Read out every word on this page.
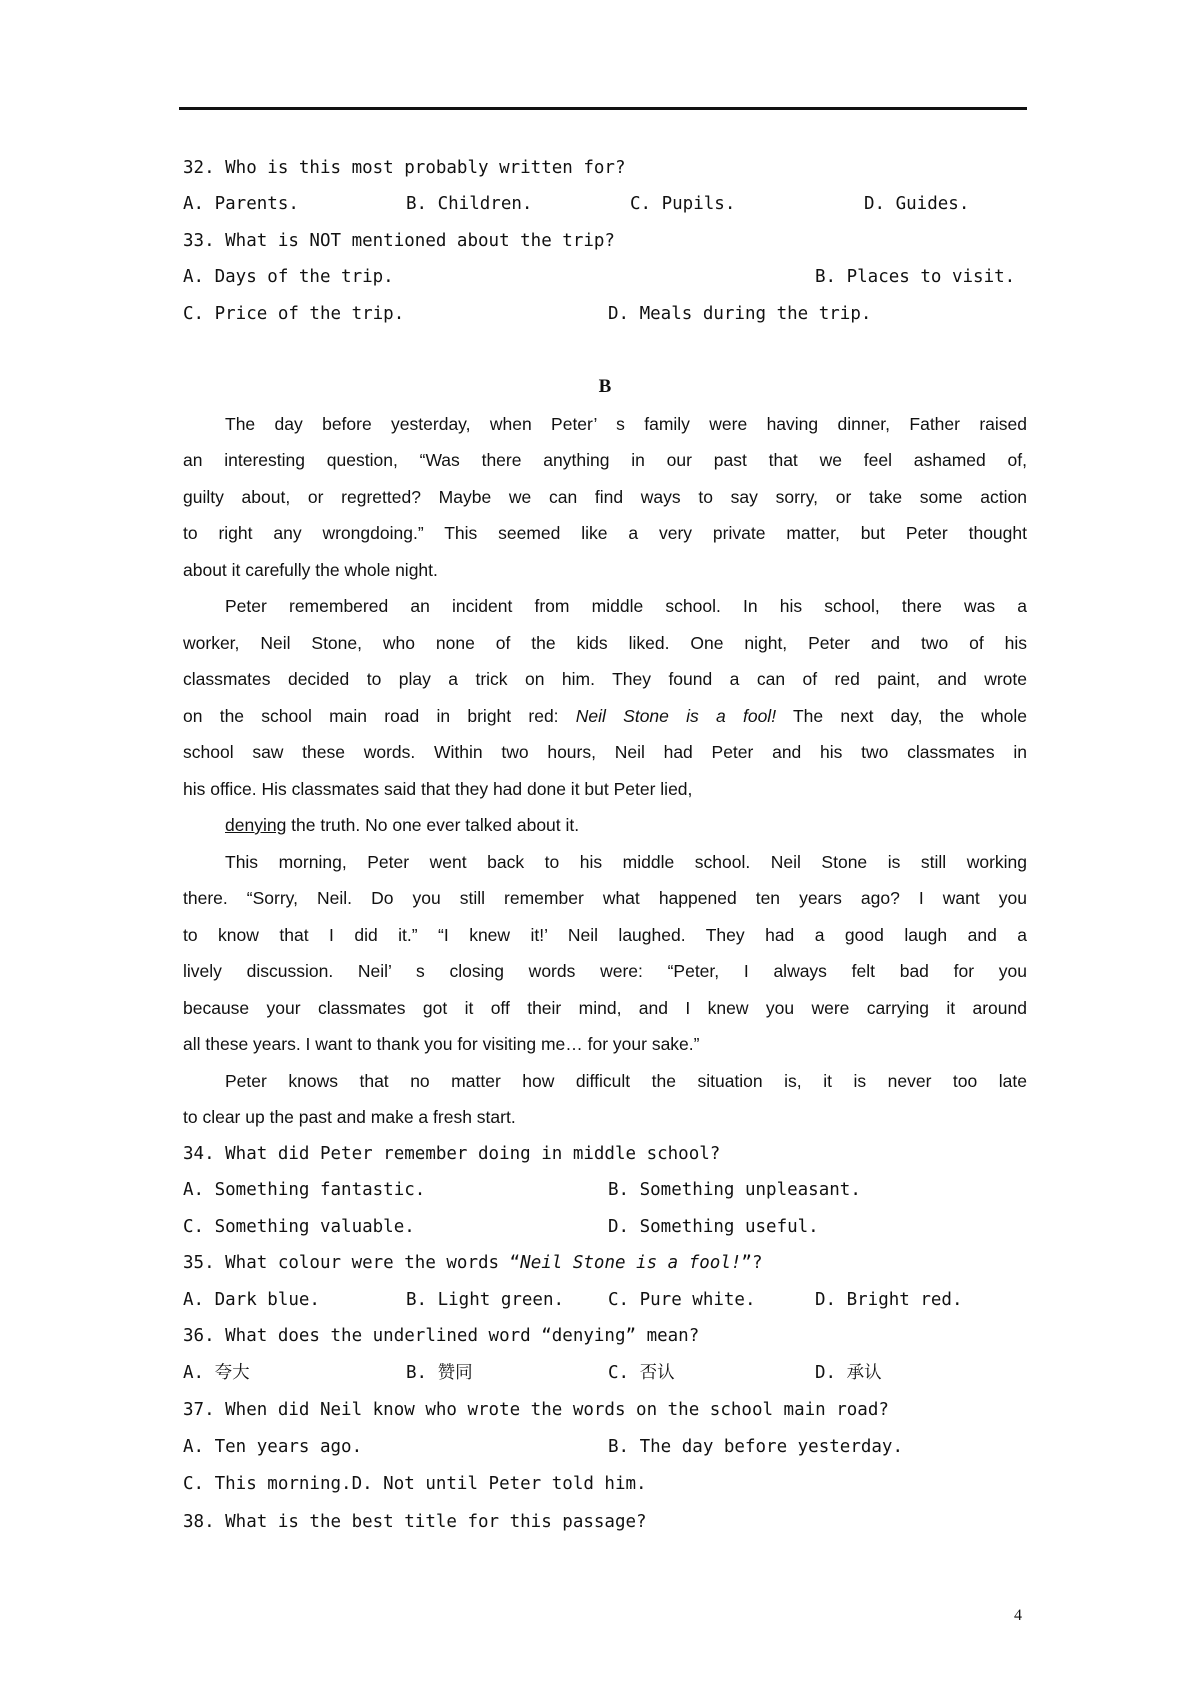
32. Who is this most probably written for?
A. Parents.	B. Children.	C. Pupils.	D. Guides.
33. What is NOT mentioned about the trip?
A. Days of the trip.	B. Places to visit.
C. Price of the trip.	D. Meals during the trip.
B
The day before yesterday, when Peter’ s family were having dinner, Father raised
an interesting question, “Was there anything in our past that we feel ashamed of,
guilty about, or regretted? Maybe we can find ways to say sorry, or take some action
to right any wrongdoing.” This seemed like a very private matter, but Peter thought
about it carefully the whole night.
Peter remembered an incident from middle school. In his school, there was a
worker, Neil Stone, who none of the kids liked. One night, Peter and two of his
classmates decided to play a trick on him. They found a can of red paint, and wrote
on the school main road in bright red: Neil Stone is a fool! The next day, the whole
school saw these words. Within two hours, Neil had Peter and his two classmates in
his office. His classmates said that they had done it but Peter lied,
denying the truth. No one ever talked about it.
This morning, Peter went back to his middle school. Neil Stone is still working
there. “Sorry, Neil. Do you still remember what happened ten years ago? I want you
to know that I did it.” “I knew it!’ Neil laughed. They had a good laugh and a
lively discussion. Neil’ s closing words were: “Peter, I always felt bad for you
because your classmates got it off their mind, and I knew you were carrying it around
all these years. I want to thank you for visiting me… for your sake.”
Peter knows that no matter how difficult the situation is, it is never too late
to clear up the past and make a fresh start.
34. What did Peter remember doing in middle school?
A. Something fantastic.	B. Something unpleasant.
C. Something valuable.	D. Something useful.
35. What colour were the words “Neil Stone is a fool!”?
A. Dark blue.	B. Light green.	C. Pure white.	D. Bright red.
36. What does the underlined word “denying” mean?
A. 夸大	B. 赞同	C. 否认	D. 承认
37. When did Neil know who wrote the words on the school main road?
A. Ten years ago.	B. The day before yesterday.
C. This morning.D. Not until Peter told him.
38. What is the best title for this passage?
4
